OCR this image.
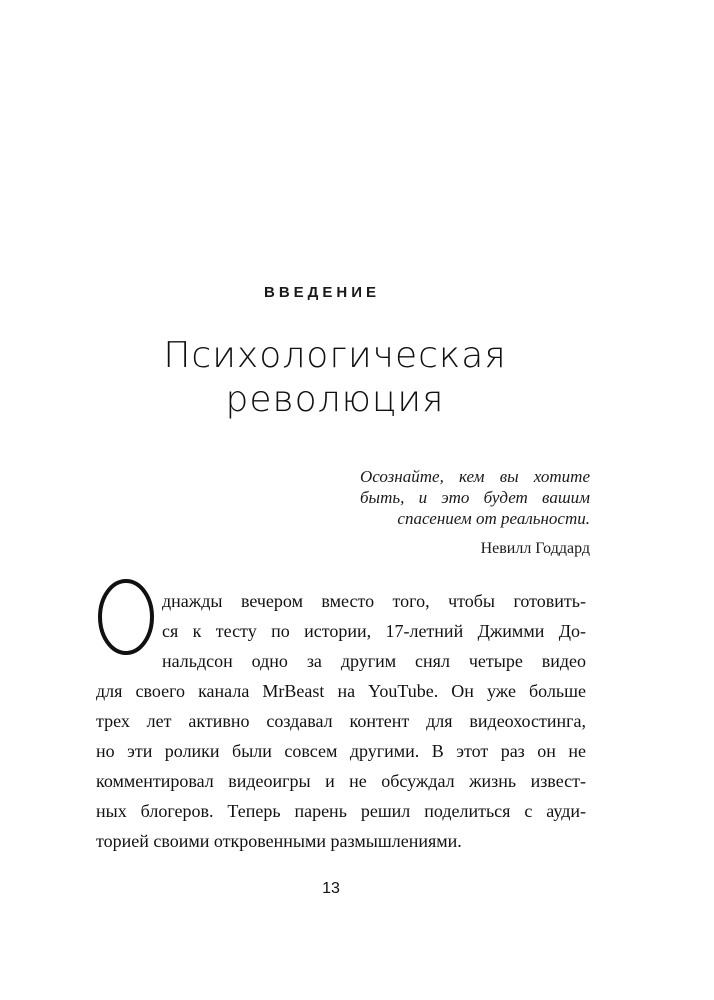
ВВЕДЕНИЕ
Психологическая
революция
Осознайте, кем вы хотите быть, и это будет вашим спасением от реальности.
Невилл Годдард
днажды вечером вместо того, чтобы готовить-
ся к тесту по истории, 17-летний Джимми До-
нальдсон одно за другим снял четыре видео
для своего канала MrBeast на YouTube. Он уже больше
трех лет активно создавал контент для видеохостинга,
но эти ролики были совсем другими. В этот раз он не
комментировал видеоигры и не обсуждал жизнь извест-
ных блогеров. Теперь парень решил поделиться с ауди-
торией своими откровенными размышлениями.
13
